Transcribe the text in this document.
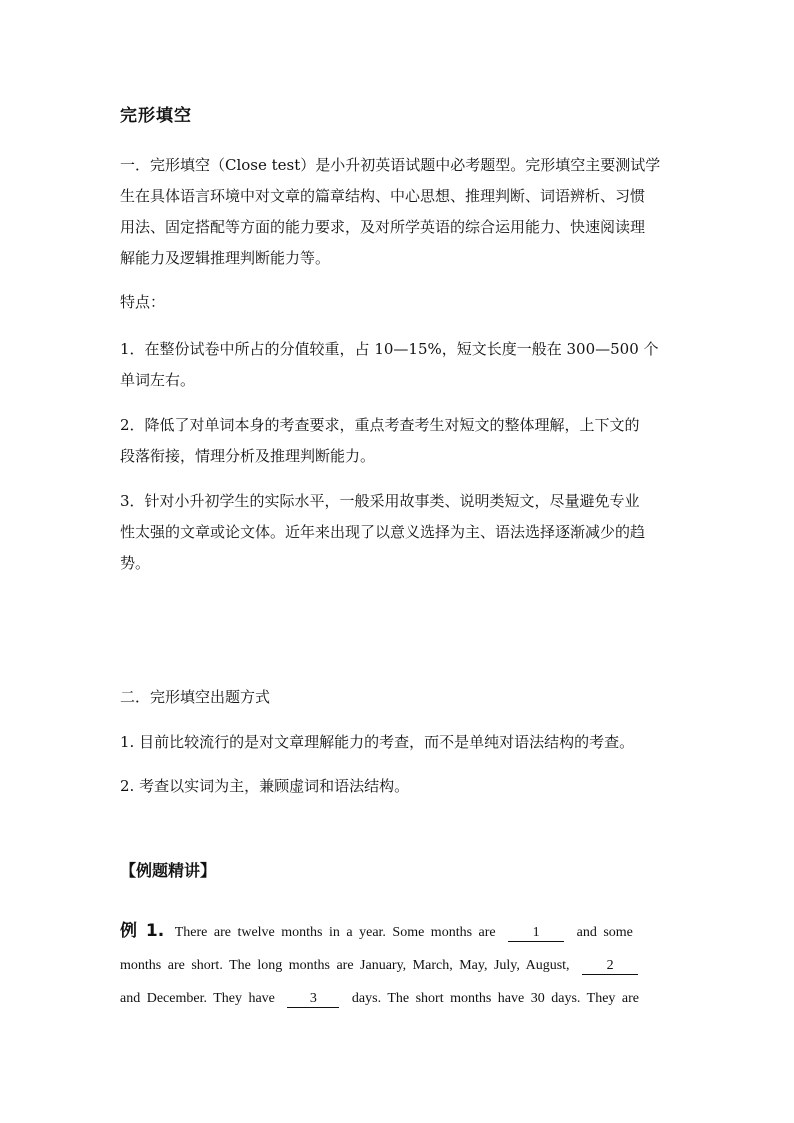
完形填空

一．完形填空（Close test）是小升初英语试题中必考题型。完形填空主要测试学
生在具体语言环境中对文章的篇章结构、中心思想、推理判断、词语辨析、习惯
用法、固定搭配等方面的能力要求，及对所学英语的综合运用能力、快速阅读理
解能力及逻辑推理判断能力等。

特点：

1．在整份试卷中所占的分值较重，占 10—15%，短文长度一般在 300—500 个
单词左右。

2．降低了对单词本身的考查要求，重点考查考生对短文的整体理解，上下文的
段落衔接，情理分析及推理判断能力。

3．针对小升初学生的实际水平，一般采用故事类、说明类短文，尽量避免专业
性太强的文章或论文体。近年来出现了以意义选择为主、语法选择逐渐减少的趋
势。

二．完形填空出题方式

1. 目前比较流行的是对文章理解能力的考查，而不是单纯对语法结构的考查。

2. 考查以实词为主，兼顾虚词和语法结构。

【例题精讲】
例 1. There are twelve months in a year. Some months are	1	and some
months are short. The long months are January, March, May, July, August,	2
and December. They have	3	days. The short months have 30 days. They are
